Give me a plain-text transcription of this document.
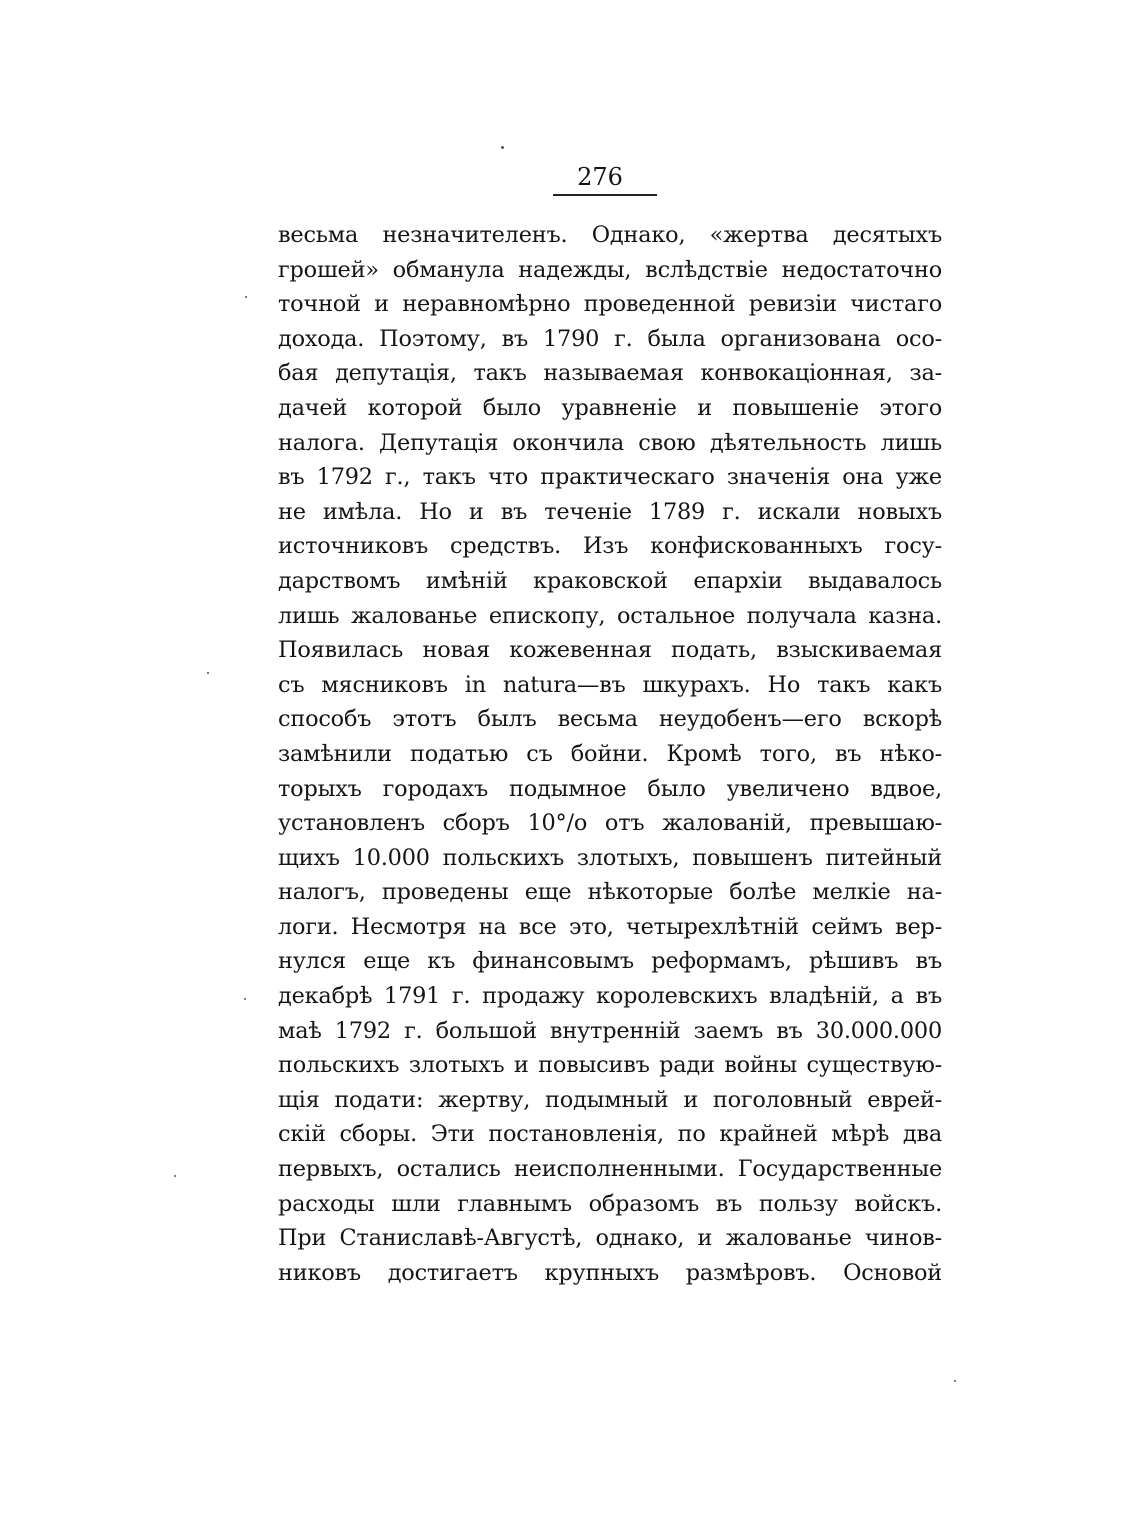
276
весьма незначителенъ. Однако, «жертва десятыхъ
грошей» обманула надежды, вслѣдствіе недостаточно
точной и неравномѣрно проведенной ревизіи чистаго
дохода. Поэтому, въ 1790 г. была организована осо-
бая депутація, такъ называемая конвокаціонная, за-
дачей которой было уравненіе и повышеніе этого
налога. Депутація окончила свою дѣятельность лишь
въ 1792 г., такъ что практическаго значенія она уже
не имѣла. Но и въ теченіе 1789 г. искали новыхъ
источниковъ средствъ. Изъ конфискованныхъ госу-
дарствомъ имѣній краковской епархіи выдавалось
лишь жалованье епископу, остальное получала казна.
Появилась новая кожевенная подать, взыскиваемая
съ мясниковъ in natura—въ шкурахъ. Но такъ какъ
способъ этотъ былъ весьма неудобенъ—его вскорѣ
замѣнили податью съ бойни. Кромѣ того, въ нѣко-
торыхъ городахъ подымное было увеличено вдвое,
установленъ сборъ 10°/о отъ жалованій, превышаю-
щихъ 10.000 польскихъ злотыхъ, повышенъ питейный
налогъ, проведены еще нѣкоторые болѣе мелкіе на-
логи. Несмотря на все это, четырехлѣтній сеймъ вер-
нулся еще къ финансовымъ реформамъ, рѣшивъ въ
декабрѣ 1791 г. продажу королевскихъ владѣній, а въ
маѣ 1792 г. большой внутренній заемъ въ 30.000.000
польскихъ злотыхъ и повысивъ ради войны существую-
щія подати: жертву, подымный и поголовный еврей-
скій сборы. Эти постановленія, по крайней мѣрѣ два
первыхъ, остались неисполненными. Государственные
расходы шли главнымъ образомъ въ пользу войскъ.
При Станиславѣ-Августѣ, однако, и жалованье чинов-
никовъ достигаетъ крупныхъ размѣровъ. Основой
